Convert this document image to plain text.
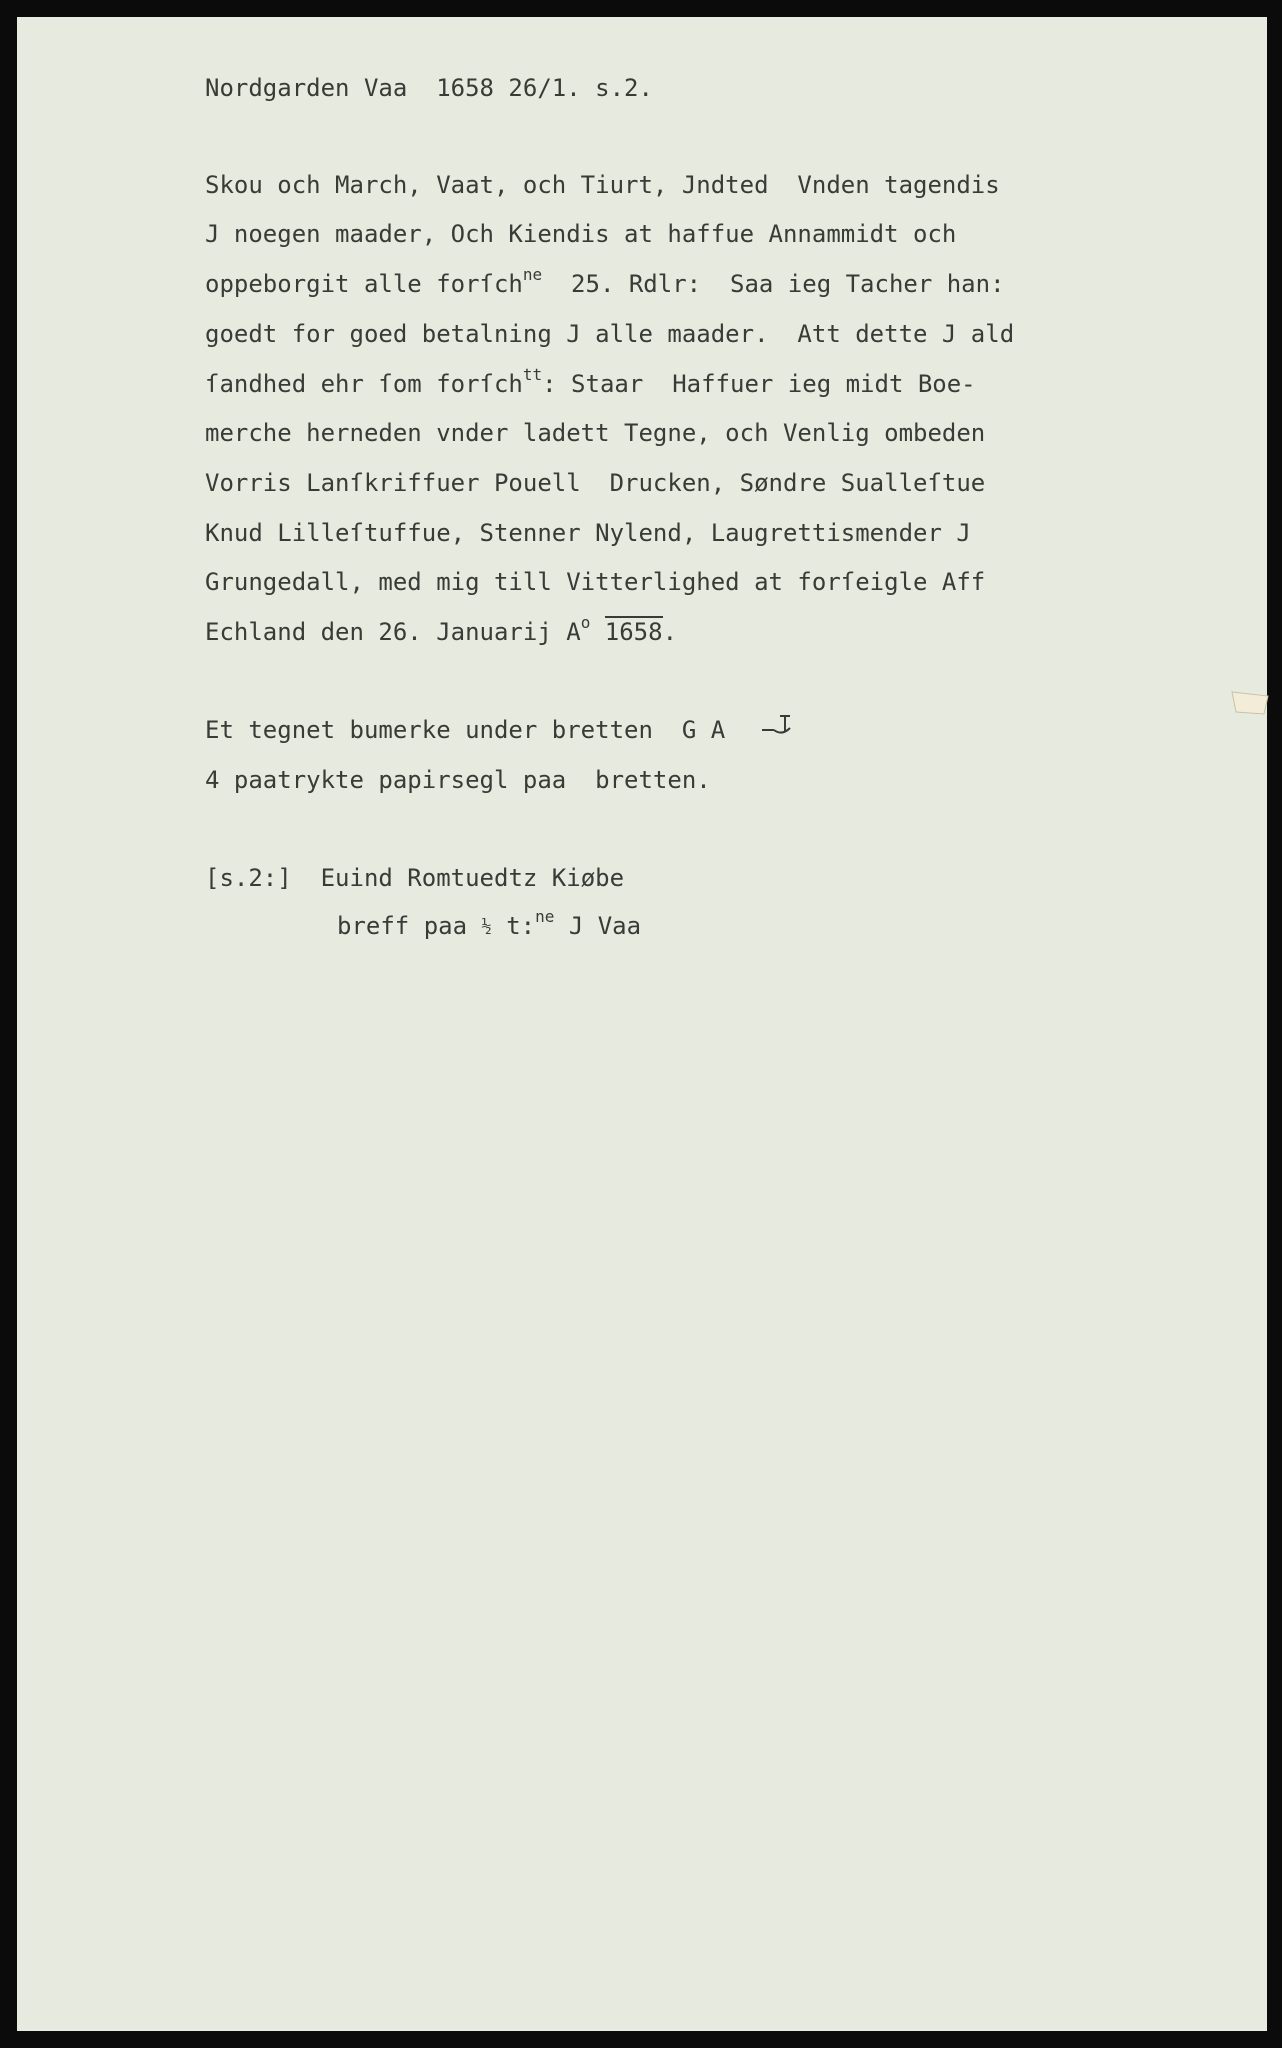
Nordgarden Vaa  1658 26/1. s.2.
Skou och March, Vaat, och Tiurt, Jndted  Vnden tagendis
J noegen maader, Och Kiendis at haffue Annammidt och
oppeborgit alle forſch$^{ne}$  25. Rdlr:  Saa ieg Tacher han:
goedt for goed betalning J alle maader.  Att dette J ald
ſandhed ehr ſom forſch$^{tt}$: Staar  Haffuer ieg midt Boe-
merche herneden vnder ladett Tegne, och Venlig ombeden
Vorris Lanſkriffuer Pouell  Drucken, Søndre Sualleſtue
Knud Lilleſtuffue, Stenner Nylend, Laugrettismender J
Grungedall, med mig till Vitterlighed at forſeigle Aff
Echland den 26. Januarij $A^o$ 1658.
Et tegnet bumerke under bretten  G A
4 paatrykte papirsegl paa  bretten.
[s.2:]  Euind Romtuedtz Kiøbe
breff paa ½ t:$^{ne}$ J Vaa
